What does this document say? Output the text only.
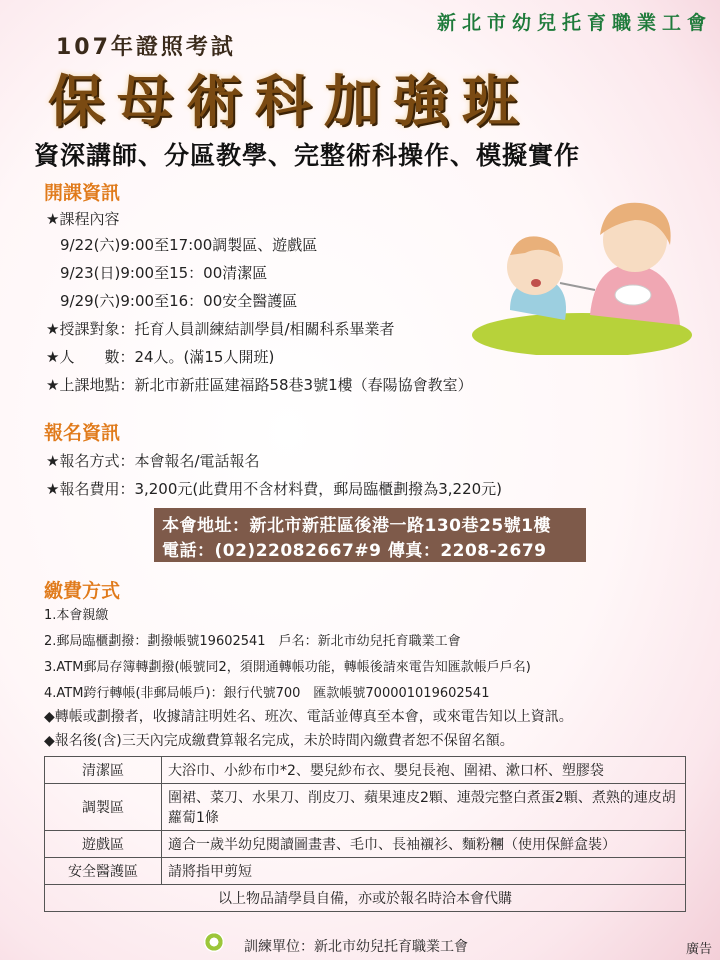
新北市幼兒托育職業工會
107年證照考試
保母術科加強班
資深講師、分區教學、完整術科操作、模擬實作
開課資訊
★課程內容
9/22(六)9:00至17:00調製區、遊戲區
9/23(日)9:00至15：00清潔區
9/29(六)9:00至16：00安全醫護區
★授課對象：托育人員訓練結訓學員/相關科系畢業者
★人　　數：24人。(滿15人開班)
★上課地點：新北市新莊區建福路58巷3號1樓（春陽協會教室）
報名資訊
★報名方式：本會報名/電話報名
★報名費用：3,200元(此費用不含材料費，郵局臨櫃劃撥為3,220元)
本會地址：新北市新莊區後港一路130巷25號1樓
電話：(02)22082667#9 傳真：2208-2679
繳費方式
1.本會親繳
2.郵局臨櫃劃撥：劃撥帳號19602541　戶名：新北市幼兒托育職業工會
3.ATM郵局存簿轉劃撥(帳號同2，須開通轉帳功能，轉帳後請來電告知匯款帳戶戶名)
4.ATM跨行轉帳(非郵局帳戶)：銀行代號700　匯款帳號700001019602541
◆轉帳或劃撥者，收據請註明姓名、班次、電話並傳真至本會，或來電告知以上資訊。
◆報名後(含)三天內完成繳費算報名完成，未於時間內繳費者恕不保留名額。
清潔區	大浴巾、小紗布巾*2、嬰兒紗布衣、嬰兒長袍、圍裙、漱口杯、塑膠袋
調製區	圍裙、菜刀、水果刀、削皮刀、蘋果連皮2顆、連殼完整白煮蛋2顆、煮熟的連皮胡蘿蔔1條
遊戲區	適合一歲半幼兒閱讀圖畫書、毛巾、長袖襯衫、麵粉糰（使用保鮮盒裝）
安全醫護區	請將指甲剪短
以上物品請學員自備，亦或於報名時洽本會代購	
訓練單位：新北市幼兒托育職業工會	廣告
